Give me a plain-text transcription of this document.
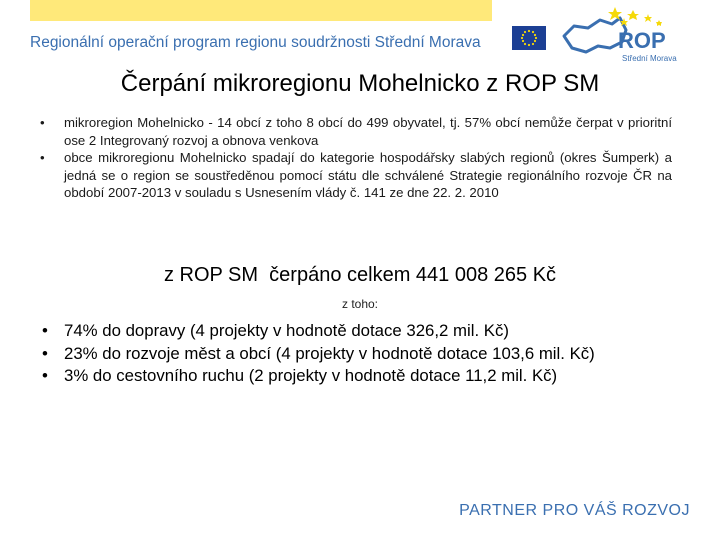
Regionální operační program regionu soudržnosti Střední Morava	ROP
Střední Morava
Čerpání mikroregionu Mohelnicko z ROP SM
• mikroregion Mohelnicko - 14 obcí z toho 8 obcí do 499 obyvatel, tj. 57% obcí nemůže čerpat v prioritní ose 2 Integrovaný rozvoj a obnova venkova
• obce mikroregionu Mohelnicko spadají do kategorie hospodářsky slabých regionů (okres Šumperk) a jedná se o region se soustředěnou pomocí státu dle schválené Strategie regionálního rozvoje ČR na období 2007-2013 v souladu s Usnesením vlády č. 141 ze dne 22. 2. 2010
z ROP SM  čerpáno celkem 441 008 265 Kč
z toho:
• 74% do dopravy (4 projekty v hodnotě dotace 326,2 mil. Kč)
• 23% do rozvoje měst a obcí (4 projekty v hodnotě dotace 103,6 mil. Kč)
• 3% do cestovního ruchu (2 projekty v hodnotě dotace 11,2 mil. Kč)
PARTNER PRO VÁŠ ROZVOJ
